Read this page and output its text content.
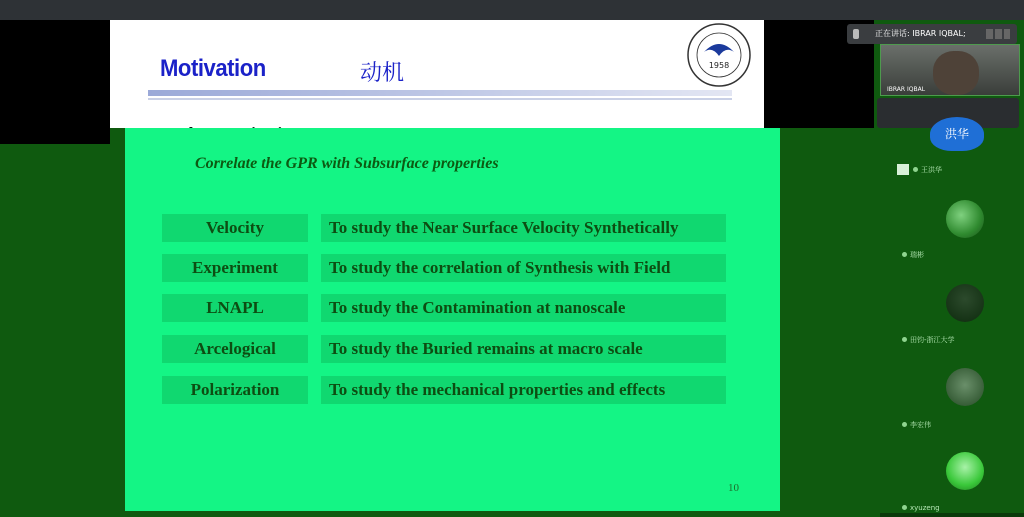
Motivation	动机	1958
Correlate the GPR with Subsurface properties
Velocity	To study the Near Surface Velocity Synthetically
Experiment	To study the correlation of Synthesis with Field
LNAPL	To study the Contamination at nanoscale
Arcelogical	To study the Buried remains at macro scale
Polarization	To study the mechanical properties and effects
10
正在讲话: IBRAR IQBAL;
IBRAR IQBAL
洪华
王洪华
瑞彬
田钧-浙江大学
李宏伟
xyuzeng
